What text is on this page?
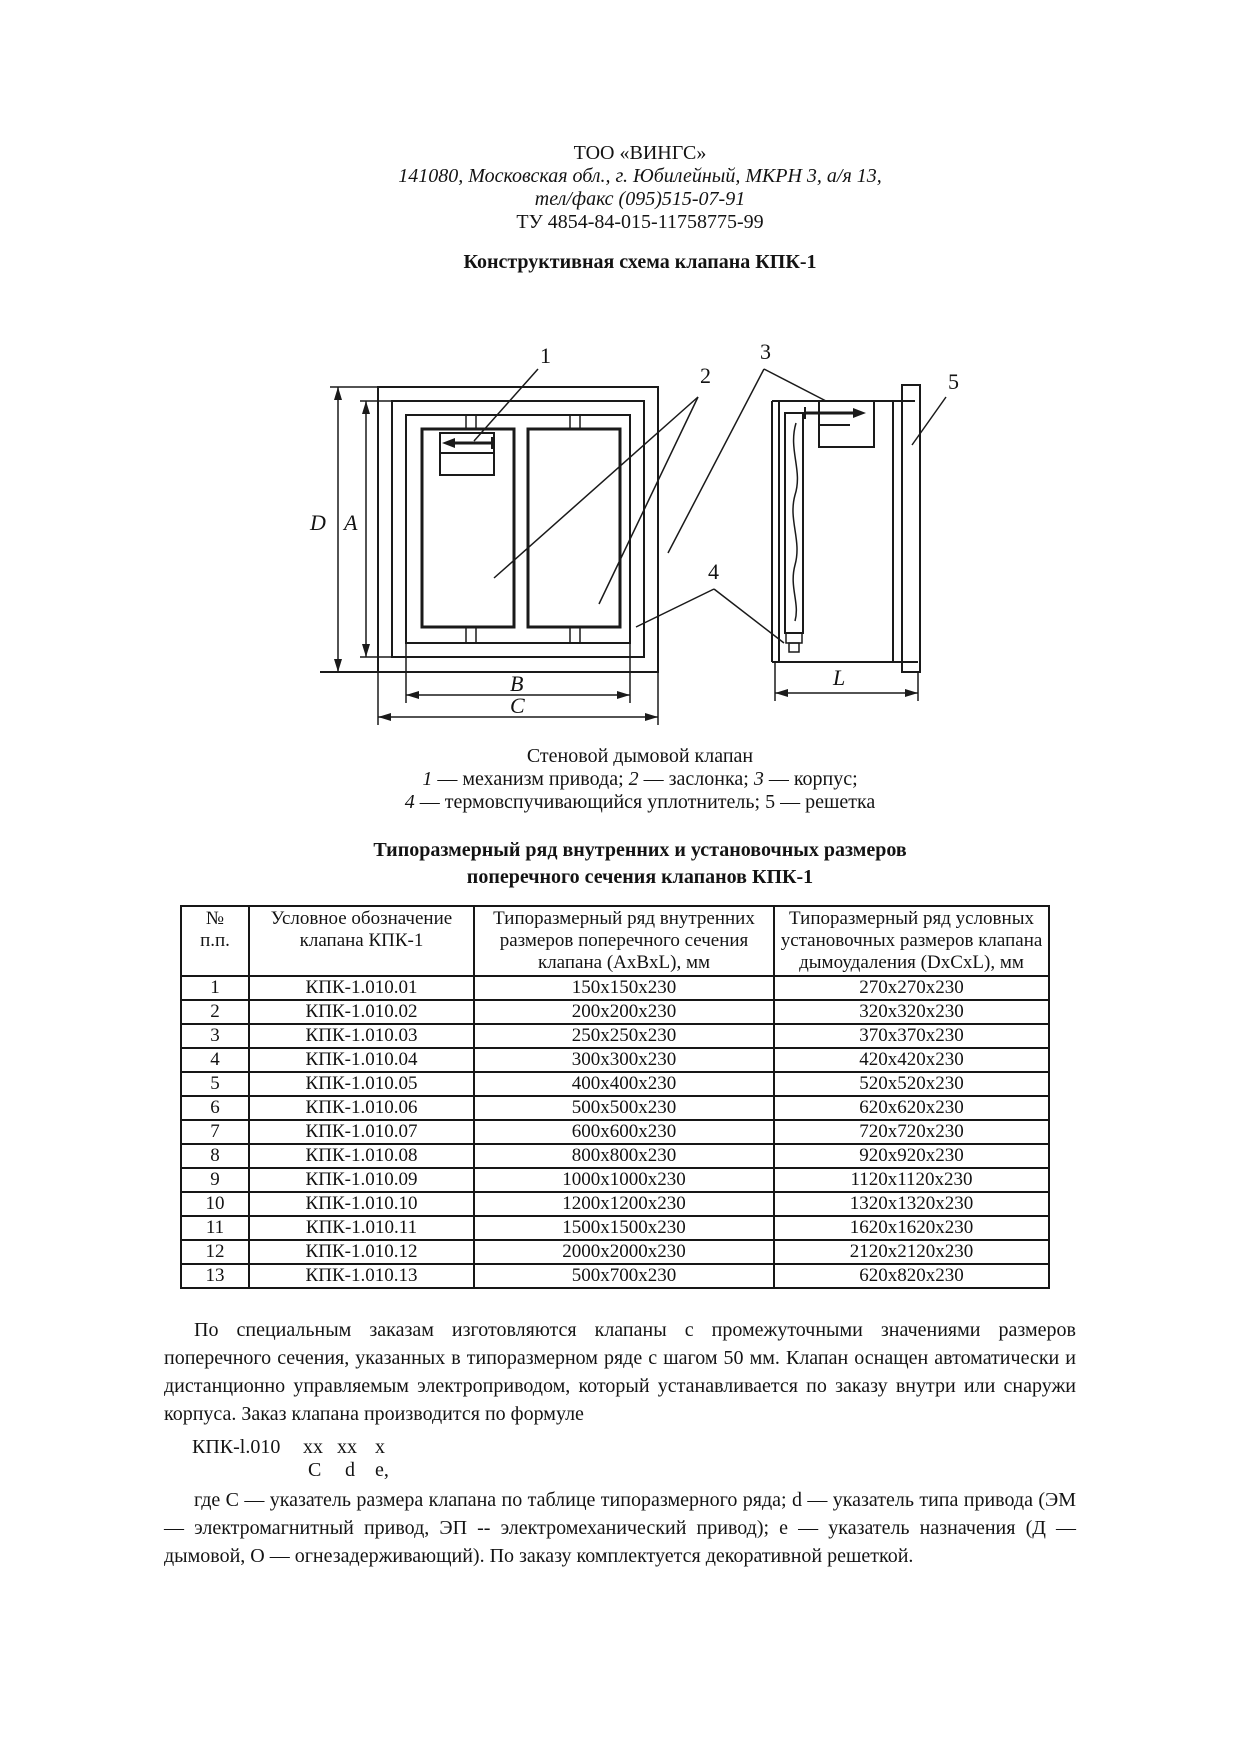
ТОО «ВИНГС»
141080, Московская обл., г. Юбилейный, МКРН 3, а/я 13,
тел/факс (095)515-07-91
ТУ 4854-84-015-11758775-99
Конструктивная схема клапана КПК-1
D A
B
C
L
1
2
3
4
5
Стеновой дымовой клапан
1 — механизм привода; 2 — заслонка; 3 — корпус;
4 — термовспучивающийся уплотнитель; 5 — решетка
Типоразмерный ряд внутренних и установочных размеров
поперечного сечения клапанов КПК-1
№
п.п.	Условное обозначение клапана КПК-1	Типоразмерный ряд внутренних размеров поперечного сечения клапана (AxBxL), мм	Типоразмерный ряд условных установочных размеров клапана дымоудаления (DxCxL), мм
1	КПК-1.010.01	150x150x230	270x270x230
2	КПК-1.010.02	200x200x230	320x320x230
3	КПК-1.010.03	250x250x230	370x370x230
4	КПК-1.010.04	300x300x230	420x420x230
5	КПК-1.010.05	400x400x230	520x520x230
6	КПК-1.010.06	500x500x230	620x620x230
7	КПК-1.010.07	600x600x230	720x720x230
8	КПК-1.010.08	800x800x230	920x920x230
9	КПК-1.010.09	1000x1000x230	1120x1120x230
10	КПК-1.010.10	1200x1200x230	1320x1320x230
11	КПК-1.010.11	1500x1500x230	1620x1620x230
12	КПК-1.010.12	2000x2000x230	2120x2120x230
13	КПК-1.010.13	500x700x230	620x820x230
По специальным заказам изготовляются клапаны с промежуточными значениями размеров поперечного сечения, указанных в типоразмерном ряде с шагом 50 мм. Клапан оснащен автоматически и дистанционно управляемым электроприводом, который устанавливается по заказу внутри или снаружи корпуса. Заказ клапана производится по формуле
КПК-l.010 хх хх х
С d е,
где С — указатель размера клапана по таблице типоразмерного ряда; d — указатель типа привода (ЭМ — электромагнитный привод, ЭП -- электромеханический привод); е — указатель назначения (Д — дымовой, О — огнезадерживающий). По заказу комплектуется декоративной решеткой.
